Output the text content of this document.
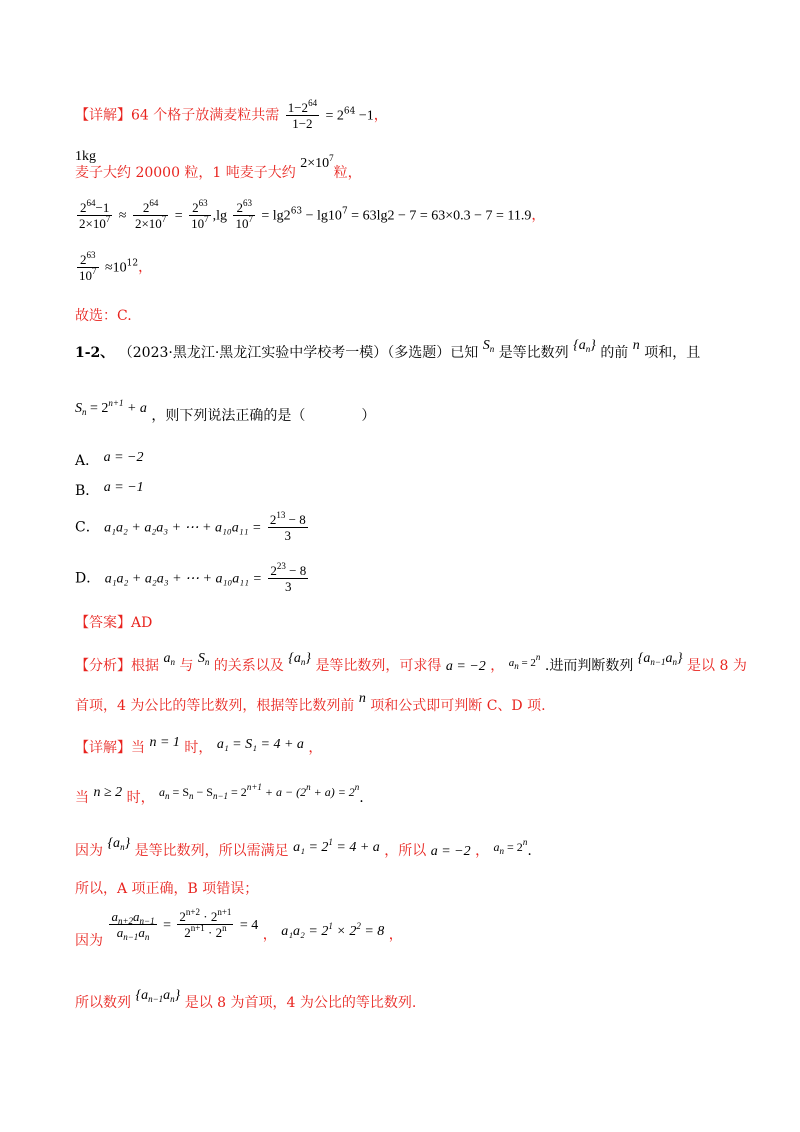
【详解】64 个格子放满麦粒共需 $\frac{1-2^{64}}{1-2} = 2^{64} -1$，
1kg
麦子大约 20000 粒，1 吨麦子大约 $2\times 10^7$粒，
$\frac{2^{64}-1}{2\times 10^7} \approx \frac{2^{64}}{2\times 10^7} = \frac{2^{63}}{10^7} ,\lg \frac{2^{63}}{10^7} = \lg 2^{63} - \lg 10^7 = 63\lg 2 - 7 = 63\times 0.3 - 7 = 11.9$，
$\frac{2^{63}}{10^7} \approx 10^{12}$，
故选：C.
1-2、 （2023·黑龙江·黑龙江实验中学校考一模）（多选题）已知 $S_n$ 是等比数列 $\{a_n\}$ 的前 n 项和，且
$S_n = 2^{n+1} + a$ ，则下列说法正确的是（　　　　）
A． a = −2
B． a = −1
C． a₁a₂ + a₂a₃ + ⋯ + $a_{10}a_{11} = \frac{2^{13} - 8}{3}$
D． a₁a₂ + a₂a₃ + ⋯ + $a_{10}a_{11} = \frac{2^{23} - 8}{3}$
【答案】AD
【分析】根据 $a_n$ 与 $S_n$ 的关系以及 $\{a_n\}$ 是等比数列，可求得 a = −2 ， $^{a_n = 2^n}$ .进而判断数列 $\{a_{n-1}a_n\}$ 是以 8 为
首项，4 为公比的等比数列，根据等比数列前 n 项和公式即可判断 C、D 项.
【详解】当 n = 1 时， a₁ = S₁ = 4 + a ，
当 n ≥ 2 时， $a_n = S_n - S_{n-1} = 2^{n+1} + a - (2^n + a) = 2^n$.
因为 $\{a_n\}$ 是等比数列，所以需满足 $a_1 = 2^1 = 4 + a$ ，所以 a = −2 ， $a_n = 2^n$.
所以，A 项正确，B 项错误；
因为
$\frac{a_{n+2}a_{n-1}}{a_{n-1}a_n} = \frac{2^{n+2} \cdot 2^{n+1}}{2^{n+1} \cdot 2^n} = 4$ ， $a_1a_2 = 2^1 \times 2^2 = 8$ ，
所以数列 $\{a_{n-1}a_n\}$ 是以 8 为首项，4 为公比的等比数列.
